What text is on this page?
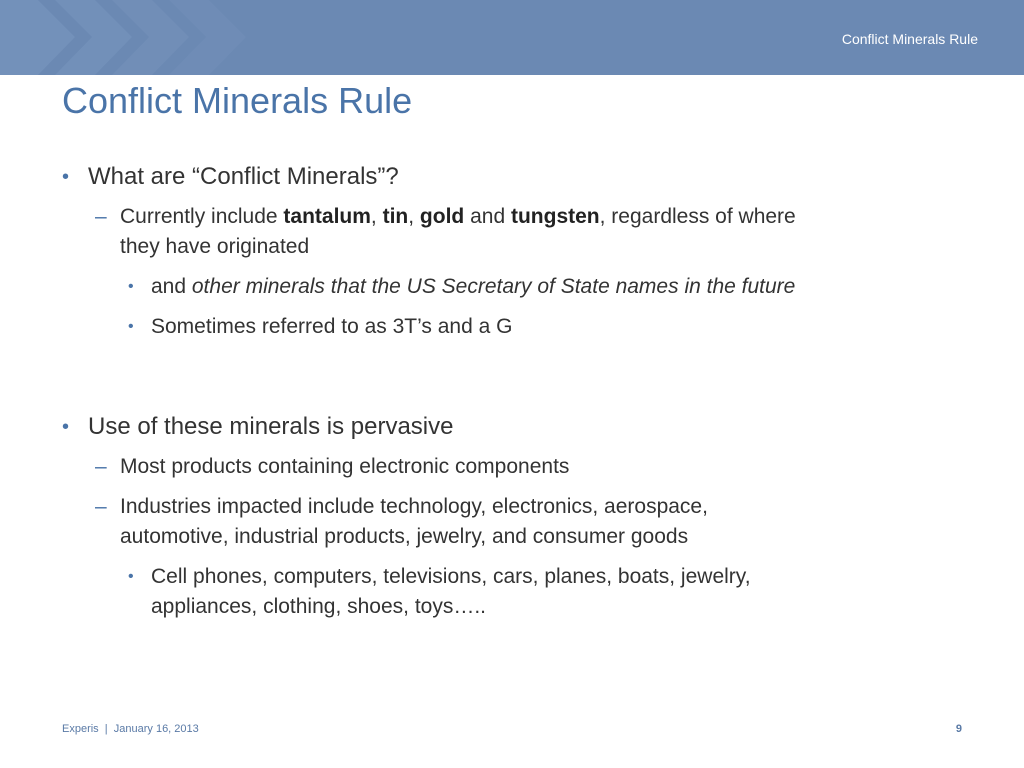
Conflict Minerals Rule
Conflict Minerals Rule
• What are “Conflict Minerals”?
– Currently include tantalum, tin, gold and tungsten, regardless of where
they have originated
• and other minerals that the US Secretary of State names in the future
• Sometimes referred to as 3T’s and a G
• Use of these minerals is pervasive
– Most products containing electronic components
– Industries impacted include technology, electronics, aerospace,
automotive, industrial products, jewelry, and consumer goods
• Cell phones, computers, televisions, cars, planes, boats, jewelry,
appliances, clothing, shoes, toys…..
Experis  |  January 16, 2013	9
